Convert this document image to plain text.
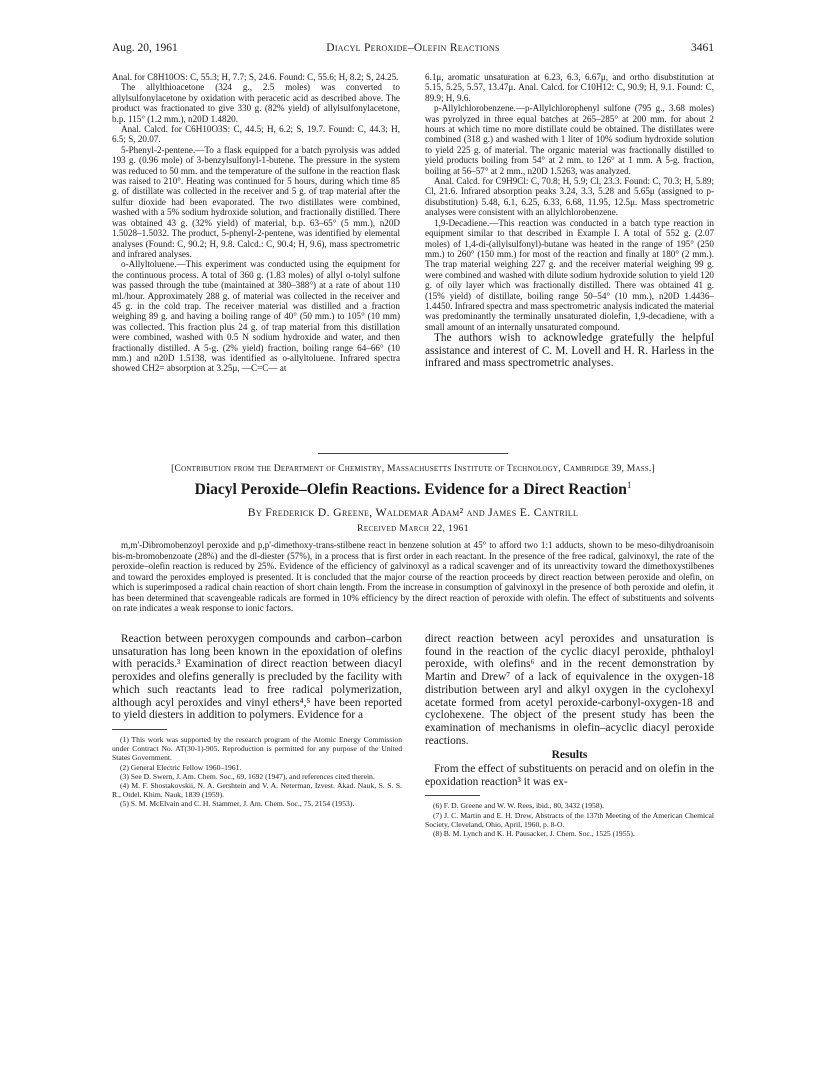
Aug. 20, 1961	Diacyl Peroxide–Olefin Reactions	3461

Anal. for C8H10OS: C, 55.3; H, 7.7; S, 24.6. Found: C, 55.6; H, 8.2; S, 24.25.

The allylthioacetone (324 g., 2.5 moles) was converted to allylsulfonylacetone by oxidation with peracetic acid as described above. The product was fractionated to give 330 g. (82% yield) of allylsulfonylacetone, b.p. 115° (1.2 mm.), n20D 1.4820.

Anal. Calcd. for C6H10O3S: C, 44.5; H, 6.2; S, 19.7. Found: C, 44.3; H, 6.5; S, 20.07.

5-Phenyl-2-pentene.—To a flask equipped for a batch pyrolysis was added 193 g. (0.96 mole) of 3-benzylsulfonyl-1-butene. The pressure in the system was reduced to 50 mm. and the temperature of the sulfone in the reaction flask was raised to 210°. Heating was continued for 5 hours, during which time 85 g. of distillate was collected in the receiver and 5 g. of trap material after the sulfur dioxide had been evaporated. The two distillates were combined, washed with a 5% sodium hydroxide solution, and fractionally distilled. There was obtained 43 g. (32% yield) of material, b.p. 63–65° (5 mm.), n20D 1.5028–1.5032. The product, 5-phenyl-2-pentene, was identified by elemental analyses (Found: C, 90.2; H, 9.8. Calcd.: C, 90.4; H, 9.6), mass spectrometric and infrared analyses.

o-Allyltoluene.—This experiment was conducted using the equipment for the continuous process. A total of 360 g. (1.83 moles) of allyl o-tolyl sulfone was passed through the tube (maintained at 380–388°) at a rate of about 110 ml./hour. Approximately 288 g. of material was collected in the receiver and 45 g. in the cold trap. The receiver material was distilled and a fraction weighing 89 g. and having a boiling range of 40° (50 mm.) to 105° (10 mm) was collected. This fraction plus 24 g. of trap material from this distillation were combined, washed with 0.5 N sodium hydroxide and water, and then fractionally distilled. A 5-g. (2% yield) fraction, boiling range 64–66° (10 mm.) and n20D 1.5138, was identified as o-allyltoluene. Infrared spectra showed CH2= absorption at 3.25μ, —C=C— at

6.1μ, aromatic unsaturation at 6.23, 6.3, 6.67μ, and ortho disubstitution at 5.15, 5.25, 5.57, 13.47μ. Anal. Calcd. for C10H12: C, 90.9; H, 9.1. Found: C, 89.9; H, 9.6.

p-Allylchlorobenzene.—p-Allylchlorophenyl sulfone (795 g., 3.68 moles) was pyrolyzed in three equal batches at 265–285° at 200 mm. for about 2 hours at which time no more distillate could be obtained. The distillates were combined (318 g.) and washed with 1 liter of 10% sodium hydroxide solution to yield 225 g. of material. The organic material was fractionally distilled to yield products boiling from 54° at 2 mm. to 126° at 1 mm. A 5-g. fraction, boiling at 56–57° at 2 mm., n20D 1.5263, was analyzed.

Anal. Calcd. for C9H9Cl: C, 70.8; H, 5.9; Cl, 23.3. Found: C, 70.3; H, 5.89; Cl, 21.6. Infrared absorption peaks 3.24, 3.3, 5.28 and 5.65μ (assigned to p-disubstitution) 5.48, 6.1, 6.25, 6.33, 6.68, 11.95, 12.5μ. Mass spectrometric analyses were consistent with an allylchlorobenzene.

1,9-Decadiene.—This reaction was conducted in a batch type reaction in equipment similar to that described in Example I. A total of 552 g. (2.07 moles) of 1,4-di-(allylsulfonyl)-butane was heated in the range of 195° (250 mm.) to 260° (150 mm.) for most of the reaction and finally at 180° (2 mm.). The trap material weighing 227 g. and the receiver material weighing 99 g. were combined and washed with dilute sodium hydroxide solution to yield 120 g. of oily layer which was fractionally distilled. There was obtained 41 g. (15% yield) of distillate, boiling range 50–54° (10 mm.), n20D 1.4436–1.4450. Infrared spectra and mass spectrometric analysis indicated the material was predominantly the terminally unsaturated diolefin, 1,9-decadiene, with a small amount of an internally unsaturated compound.

The authors wish to acknowledge gratefully the helpful assistance and interest of C. M. Lovell and H. R. Harless in the infrared and mass spectrometric analyses.

[Contribution from the Department of Chemistry, Massachusetts Institute of Technology, Cambridge 39, Mass.]
Diacyl Peroxide–Olefin Reactions. Evidence for a Direct Reaction$^1$
By Frederick D. Greene, Waldemar Adam² and James E. Cantrill
Received March 22, 1961
m,m'-Dibromobenzoyl peroxide and p,p'-dimethoxy-trans-stilbene react in benzene solution at 45° to afford two 1:1 adducts, shown to be meso-dihydroanisoin bis-m-bromobenzoate (28%) and the dl-diester (57%), in a process that is first order in each reactant. In the presence of the free radical, galvinoxyl, the rate of the peroxide–olefin reaction is reduced by 25%. Evidence of the efficiency of galvinoxyl as a radical scavenger and of its unreactivity toward the dimethoxystilbenes and toward the peroxides employed is presented. It is concluded that the major course of the reaction proceeds by direct reaction between peroxide and olefin, on which is superimposed a radical chain reaction of short chain length. From the increase in consumption of galvinoxyl in the presence of both peroxide and olefin, it has been determined that scavengeable radicals are formed in 10% efficiency by the direct reaction of peroxide with olefin. The effect of substituents and solvents on rate indicates a weak response to ionic factors.

Reaction between peroxygen compounds and carbon–carbon unsaturation has long been known in the epoxidation of olefins with peracids.³ Examination of direct reaction between diacyl peroxides and olefins generally is precluded by the facility with which such reactants lead to free radical polymerization, although acyl peroxides and vinyl ethers⁴,⁵ have been reported to yield diesters in addition to polymers. Evidence for a

(1) This work was supported by the research program of the Atomic Energy Commission under Contract No. AT(30-1)-905. Reproduction is permitted for any purpose of the United States Government.
(2) General Electric Fellow 1960–1961.
(3) See D. Swern, J. Am. Chem. Soc., 69, 1692 (1947), and references cited therein.
(4) M. F. Shostakovskii, N. A. Gershtein and V. A. Neterman, Izvest. Akad. Nauk, S. S. S. R., Otdel. Khim. Nauk, 1839 (1959).
(5) S. M. McElvain and C. H. Stammer, J. Am. Chem. Soc., 75, 2154 (1953).

direct reaction between acyl peroxides and unsaturation is found in the reaction of the cyclic diacyl peroxide, phthaloyl peroxide, with olefins⁶ and in the recent demonstration by Martin and Drew⁷ of a lack of equivalence in the oxygen-18 distribution between aryl and alkyl oxygen in the cyclohexyl acetate formed from acetyl peroxide-carbonyl-oxygen-18 and cyclohexene. The object of the present study has been the examination of mechanisms in olefin–acyclic diacyl peroxide reactions.

Results

From the effect of substituents on peracid and on olefin in the epoxidation reaction³ it was ex-

(6) F. D. Greene and W. W. Rees, ibid., 80, 3432 (1958).
(7) J. C. Martin and E. H. Drew, Abstracts of the 137th Meeting of the American Chemical Society, Cleveland, Ohio, April, 1960, p. 8-O.
(8) B. M. Lynch and K. H. Pausacker, J. Chem. Soc., 1525 (1955).
